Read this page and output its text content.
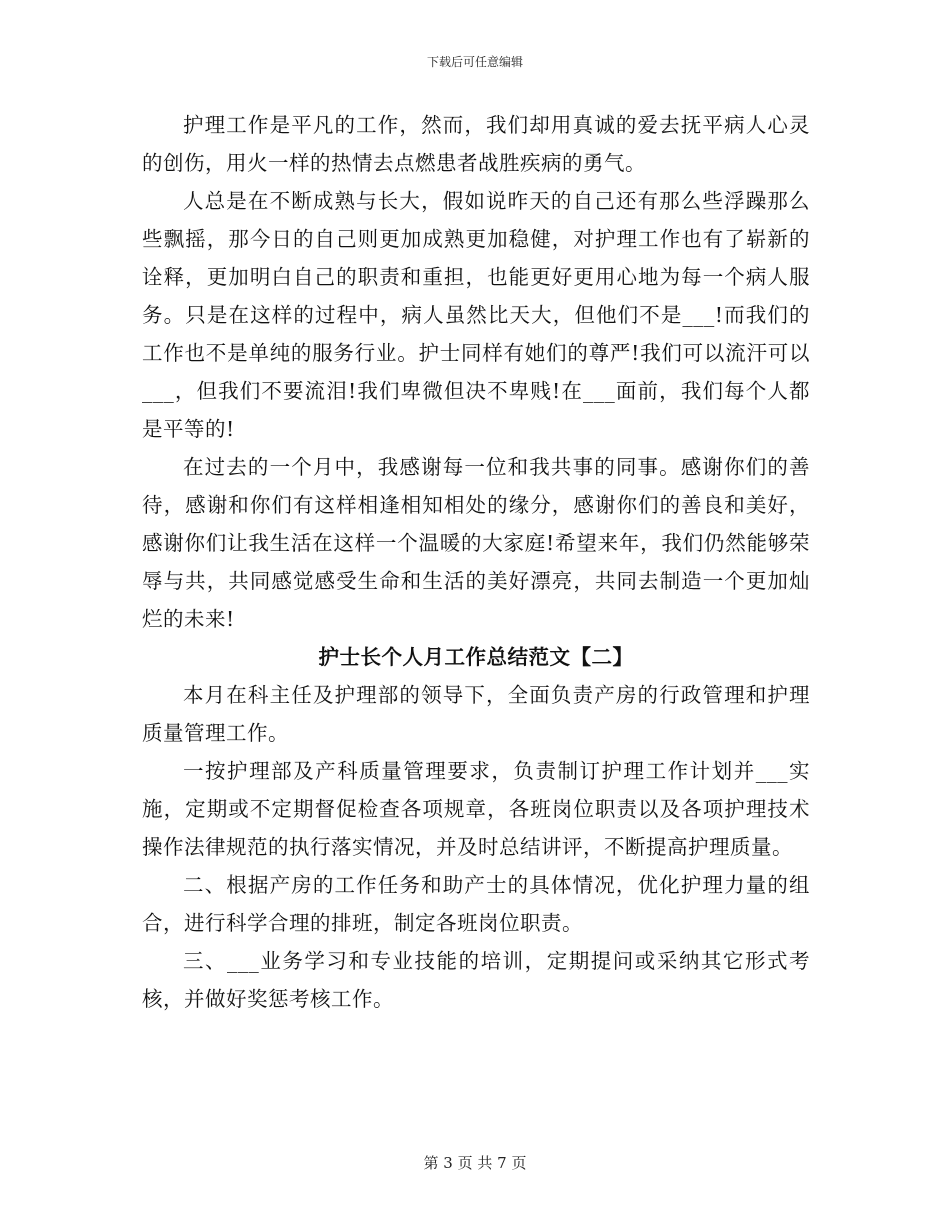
下载后可任意编辑

护理工作是平凡的工作，然而，我们却用真诚的爱去抚平病人心灵的创伤，用火一样的热情去点燃患者战胜疾病的勇气。

人总是在不断成熟与长大，假如说昨天的自己还有那么些浮躁那么些飘摇，那今日的自己则更加成熟更加稳健，对护理工作也有了崭新的诠释，更加明白自己的职责和重担，也能更好更用心地为每一个病人服务。只是在这样的过程中，病人虽然比天大，但他们不是___!而我们的工作也不是单纯的服务行业。护士同样有她们的尊严!我们可以流汗可以___，但我们不要流泪!我们卑微但决不卑贱!在___面前，我们每个人都是平等的!

在过去的一个月中，我感谢每一位和我共事的同事。感谢你们的善待，感谢和你们有这样相逢相知相处的缘分，感谢你们的善良和美好，感谢你们让我生活在这样一个温暖的大家庭!希望来年，我们仍然能够荣辱与共，共同感觉感受生命和生活的美好漂亮，共同去制造一个更加灿烂的未来!

护士长个人月工作总结范文【二】

本月在科主任及护理部的领导下，全面负责产房的行政管理和护理质量管理工作。

一按护理部及产科质量管理要求，负责制订护理工作计划并___实施，定期或不定期督促检查各项规章，各班岗位职责以及各项护理技术操作法律规范的执行落实情况，并及时总结讲评，不断提高护理质量。

二、根据产房的工作任务和助产士的具体情况，优化护理力量的组合，进行科学合理的排班，制定各班岗位职责。

三、___业务学习和专业技能的培训，定期提问或采纳其它形式考核，并做好奖惩考核工作。

第 3 页 共 7 页
